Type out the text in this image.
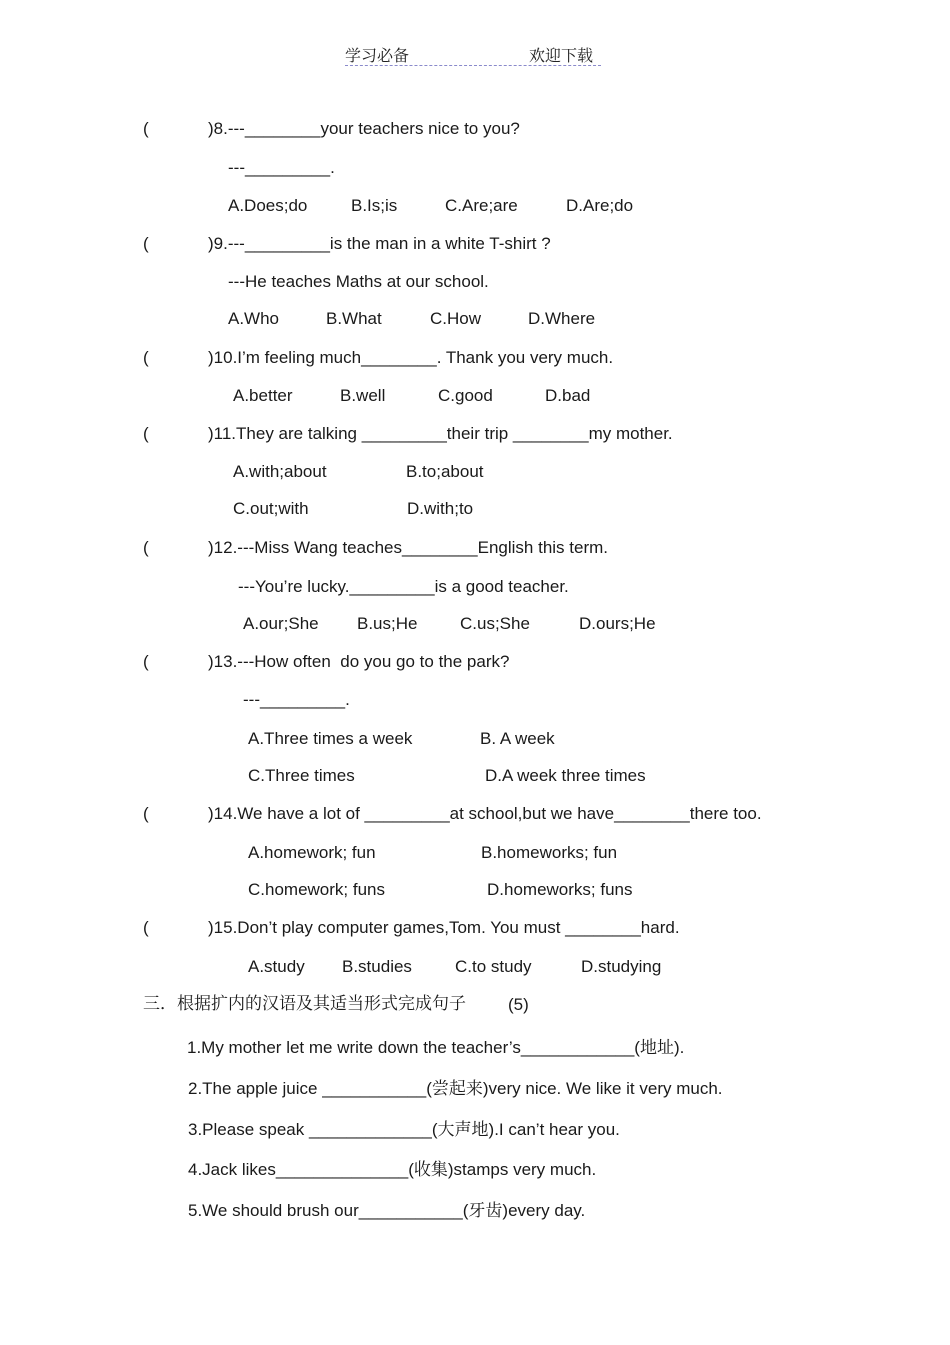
学习必备	欢迎下载
(	)8.---________your teachers nice to you?
---_________.
A.Does;do	B.Is;is	C.Are;are	D.Are;do
(	)9.---_________is the man in a white T-shirt ?
---He teaches Maths at our school.
A.Who	B.What	C.How	D.Where
(	)10.I’m feeling much________. Thank you very much.
A.better	B.well	C.good	D.bad
(	)11.They are talking _________their trip ________my mother.
A.with;about	B.to;about
C.out;with	D.with;to
(	)12.---Miss Wang teaches________English this term.
---You’re lucky._________is a good teacher.
A.our;She B.us;He	C.us;She	D.ours;He
(	)13.---How often  do you go to the park?
---_________.
A.Three times a week	B. A week
C.Three times	D.A week three times
(	)14.We have a lot of _________at school,but we have________there too.
A.homework; fun	B.homeworks; fun
C.homework; funs	D.homeworks; funs
(	)15.Don’t play computer games,Tom. You must ________hard.
A.study B.studies	C.to study	D.studying
三．根据扩内的汉语及其适当形式完成句子 (5)
1.My mother let me write down the teacher’s____________(地址).
2.The apple juice ___________(尝起来)very nice. We like it very much.
3.Please speak _____________(大声地).I can’t hear you.
4.Jack likes______________(收集)stamps very much.
5.We should brush our___________(牙齿)every day.
